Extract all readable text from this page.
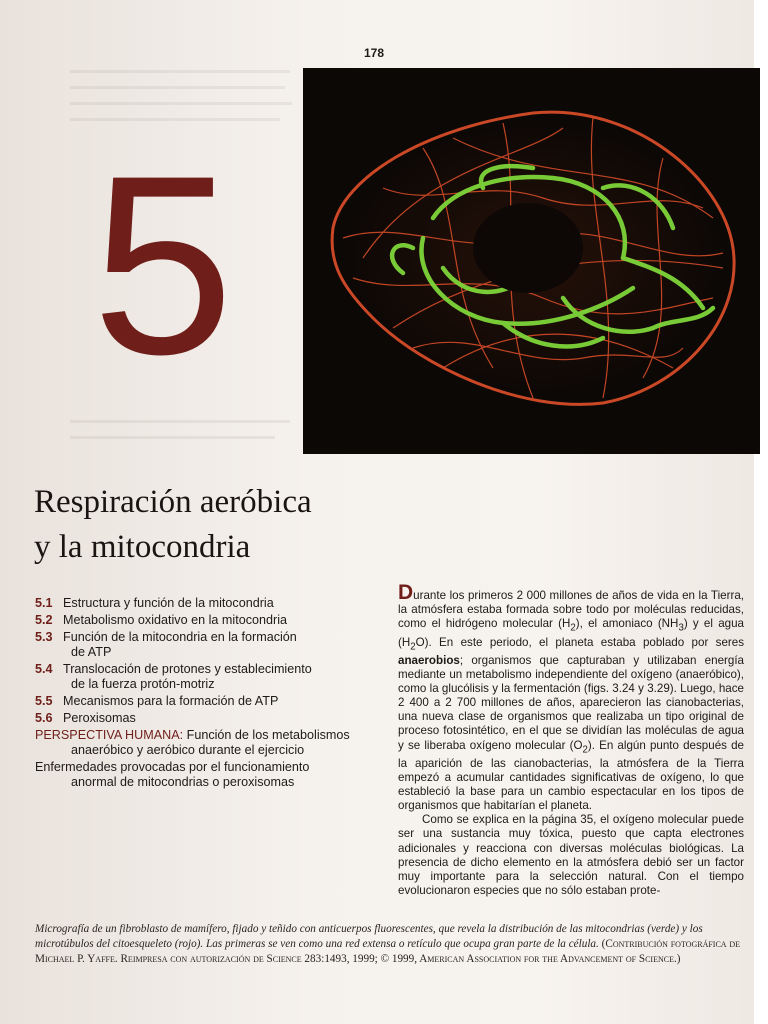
178
5
Respiración aeróbica
y la mitocondria
5.1 Estructura y función de la mitocondria
5.2 Metabolismo oxidativo en la mitocondria
5.3 Función de la mitocondria en la formación
de ATP
5.4 Translocación de protones y establecimiento
de la fuerza protón-motriz
5.5 Mecanismos para la formación de ATP
5.6 Peroxisomas
PERSPECTIVA HUMANA: Función de los metabolismos
anaeróbico y aeróbico durante el ejercicio
Enfermedades provocadas por el funcionamiento
anormal de mitocondrias o peroxisomas

Durante los primeros 2 000 millones de años de vida en la Tierra, la atmósfera estaba formada sobre todo por moléculas reducidas, como el hidrógeno molecular $(H_2)$, el amoniaco $(NH_3)$ y el agua $(H_2O)$. En este periodo, el planeta estaba poblado por seres anaerobios; organismos que capturaban y utilizaban energía mediante un metabolismo independiente del oxígeno (anaeróbico), como la glucólisis y la fermentación (figs. 3.24 y 3.29). Luego, hace 2 400 a 2 700 millones de años, aparecieron las cianobacterias, una nueva clase de organismos que realizaba un tipo original de proceso fotosintético, en el que se dividían las moléculas de agua y se liberaba oxígeno molecular $(O_2)$. En algún punto después de la aparición de las cianobacterias, la atmósfera de la Tierra empezó a acumular cantidades significativas de oxígeno, lo que estableció la base para un cambio espectacular en los tipos de organismos que habitarían el planeta.

Como se explica en la página 35, el oxígeno molecular puede ser una sustancia muy tóxica, puesto que capta electrones adicionales y reacciona con diversas moléculas biológicas. La presencia de dicho elemento en la atmósfera debió ser un factor muy importante para la selección natural. Con el tiempo evolucionaron especies que no sólo estaban prote-

Micrografía de un fibroblasto de mamífero, fijado y teñido con anticuerpos fluorescentes, que revela la distribución de las mitocondrias (verde) y los microtúbulos del citoesqueleto (rojo). Las primeras se ven como una red extensa o retículo que ocupa gran parte de la célula. (Contribución fotográfica de Michael P. Yaffe. Reimpresa con autorización de Science 283:1493, 1999; © 1999, American Association for the Advancement of Science.)
